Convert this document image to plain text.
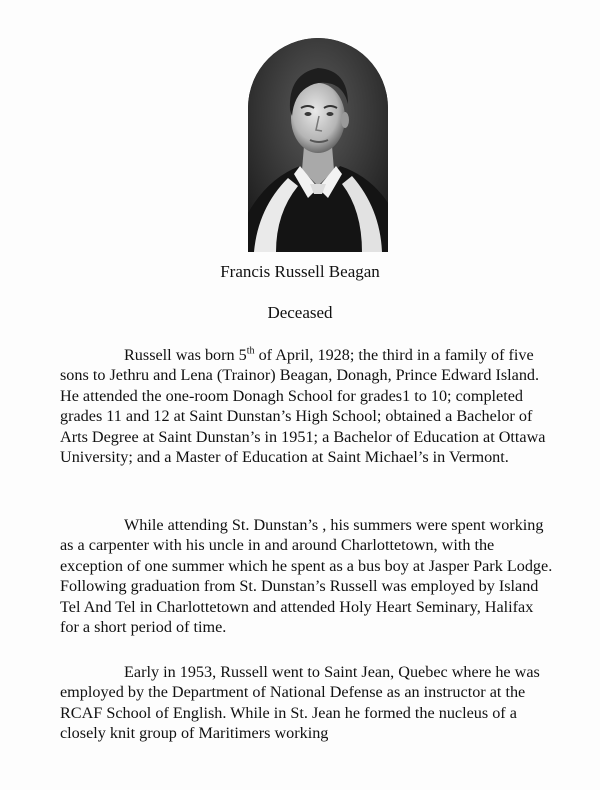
Francis Russell Beagan
Deceased

Russell was born 5th of April, 1928; the third in a family of five sons to Jethru and Lena (Trainor) Beagan, Donagh, Prince Edward Island. He attended the one-room Donagh School for grades1 to 10; completed grades 11 and 12 at Saint Dunstan’s High School; obtained a Bachelor of Arts Degree at Saint Dunstan’s in 1951; a Bachelor of Education at Ottawa University; and a Master of Education at Saint Michael’s in Vermont.

While attending St. Dunstan’s , his summers were spent working as a carpenter with his uncle in and around Charlottetown, with the exception of one summer which he spent as a bus boy at Jasper Park Lodge. Following graduation from St. Dunstan’s Russell was employed by Island Tel And Tel in Charlottetown and attended Holy Heart Seminary, Halifax for a short period of time.

Early in 1953, Russell went to Saint Jean, Quebec where he was employed by the Department of National Defense as an instructor at the RCAF School of English. While in St. Jean he formed the nucleus of a closely knit group of Maritimers working
